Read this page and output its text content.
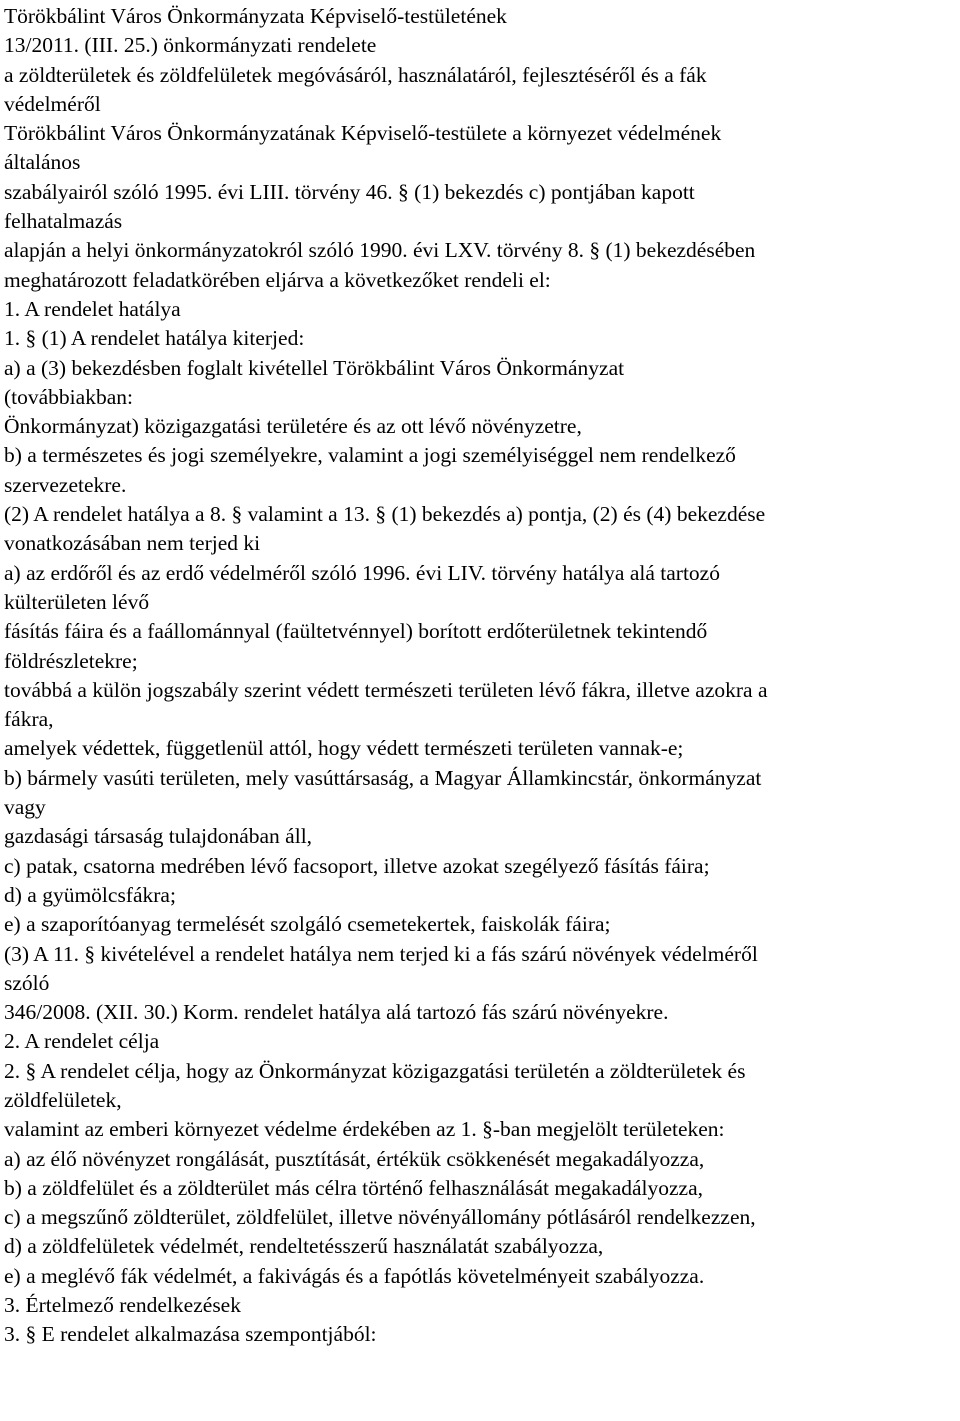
Törökbálint Város Önkormányzata Képviselő-testületének
13/2011. (III. 25.) önkormányzati rendelete
a zöldterületek és zöldfelületek megóvásáról, használatáról, fejlesztéséről és a fák
védelméről
Törökbálint Város Önkormányzatának Képviselő-testülete a környezet védelmének
általános
szabályairól szóló 1995. évi LIII. törvény 46. § (1) bekezdés c) pontjában kapott
felhatalmazás
alapján a helyi önkormányzatokról szóló 1990. évi LXV. törvény 8. § (1) bekezdésében
meghatározott feladatkörében eljárva a következőket rendeli el:
1. A rendelet hatálya
1. § (1) A rendelet hatálya kiterjed:
a) a (3) bekezdésben foglalt kivétellel Törökbálint Város Önkormányzat
(továbbiakban:
Önkormányzat) közigazgatási területére és az ott lévő növényzetre,
b) a természetes és jogi személyekre, valamint a jogi személyiséggel nem rendelkező
szervezetekre.
(2) A rendelet hatálya a 8. § valamint a 13. § (1) bekezdés a) pontja, (2) és (4) bekezdése
vonatkozásában nem terjed ki
a) az erdőről és az erdő védelméről szóló 1996. évi LIV. törvény hatálya alá tartozó
külterületen lévő
fásítás fáira és a faállománnyal (faültetvénnyel) borított erdőterületnek tekintendő
földrészletekre;
továbbá a külön jogszabály szerint védett természeti területen lévő fákra, illetve azokra a
fákra,
amelyek védettek, függetlenül attól, hogy védett természeti területen vannak-e;
b) bármely vasúti területen, mely vasúttársaság, a Magyar Államkincstár, önkormányzat
vagy
gazdasági társaság tulajdonában áll,
c) patak, csatorna medrében lévő facsoport, illetve azokat szegélyező fásítás fáira;
d) a gyümölcsfákra;
e) a szaporítóanyag termelését szolgáló csemetekertek, faiskolák fáira;
(3) A 11. § kivételével a rendelet hatálya nem terjed ki a fás szárú növények védelméről
szóló
346/2008. (XII. 30.) Korm. rendelet hatálya alá tartozó fás szárú növényekre.
2. A rendelet célja
2. § A rendelet célja, hogy az Önkormányzat közigazgatási területén a zöldterületek és
zöldfelületek,
valamint az emberi környezet védelme érdekében az 1. §-ban megjelölt területeken:
a) az élő növényzet rongálását, pusztítását, értékük csökkenését megakadályozza,
b) a zöldfelület és a zöldterület más célra történő felhasználását megakadályozza,
c) a megszűnő zöldterület, zöldfelület, illetve növényállomány pótlásáról rendelkezzen,
d) a zöldfelületek védelmét, rendeltetésszerű használatát szabályozza,
e) a meglévő fák védelmét, a fakivágás és a fapótlás követelményeit szabályozza.
3. Értelmező rendelkezések
3. § E rendelet alkalmazása szempontjából:
